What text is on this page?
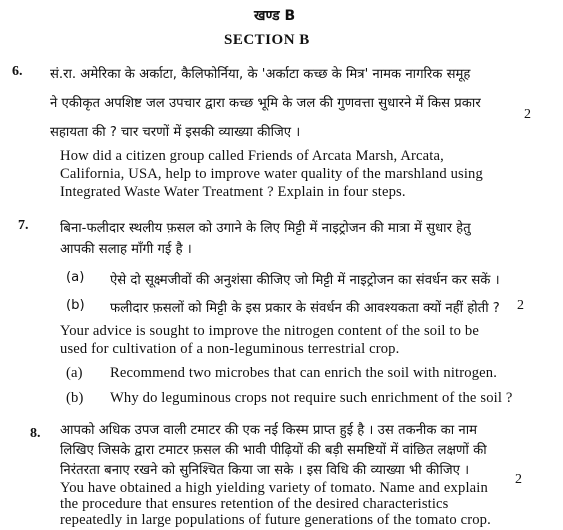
खण्ड B
SECTION B
6. सं.रा. अमेरिका के अर्काटा, कैलिफोर्निया, के 'अर्काटा कच्छ के मित्र' नामक नागरिक समूह
ने एकीकृत अपशिष्ट जल उपचार द्वारा कच्छ भूमि के जल की गुणवत्ता सुधारने में किस प्रकार
सहायता की ? चार चरणों में इसकी व्याख्या कीजिए ।
2
How did a citizen group called Friends of Arcata Marsh, Arcata,
California, USA, help to improve water quality of the marshland using
Integrated Waste Water Treatment ? Explain in four steps.
7. बिना-फलीदार स्थलीय फ़सल को उगाने के लिए मिट्टी में नाइट्रोजन की मात्रा में सुधार हेतु
आपकी सलाह माँगी गई है ।
(a) ऐसे दो सूक्ष्मजीवों की अनुशंसा कीजिए जो मिट्टी में नाइट्रोजन का संवर्धन कर सकें ।
(b) फलीदार फ़सलों को मिट्टी के इस प्रकार के संवर्धन की आवश्यकता क्यों नहीं होती ? 2
Your advice is sought to improve the nitrogen content of the soil to be
used for cultivation of a non-leguminous terrestrial crop.
(a) Recommend two microbes that can enrich the soil with nitrogen.
(b) Why do leguminous crops not require such enrichment of the soil ?
8. आपको अधिक उपज वाली टमाटर की एक नई किस्म प्राप्त हुई है । उस तकनीक का नाम
लिखिए जिसके द्वारा टमाटर फ़सल की भावी पीढ़ियों की बड़ी समष्टियों में वांछित लक्षणों की
निरंतरता बनाए रखने को सुनिश्चित किया जा सके । इस विधि की व्याख्या भी कीजिए ।
2
You have obtained a high yielding variety of tomato. Name and explain
the procedure that ensures retention of the desired characteristics
repeatedly in large populations of future generations of the tomato crop.
